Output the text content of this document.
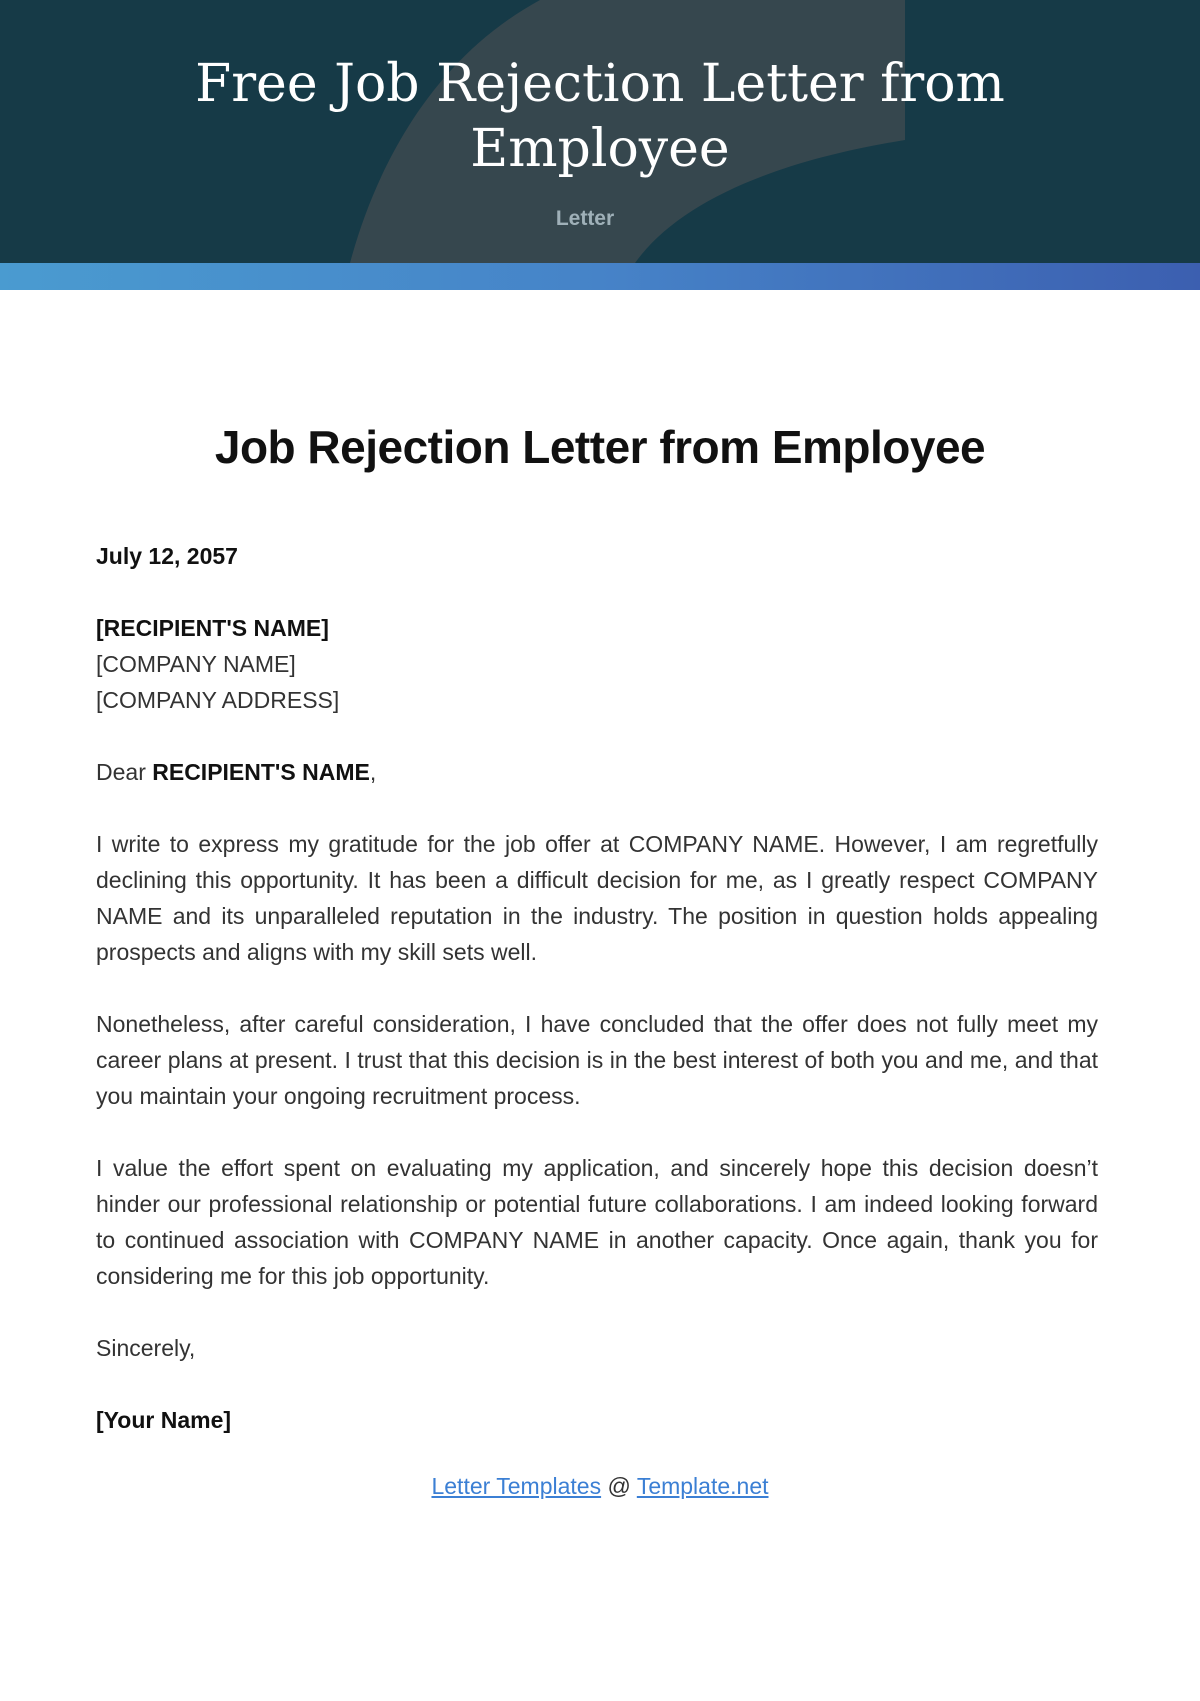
Free Job Rejection Letter from
Employee
Letter
Job Rejection Letter from Employee

July 12, 2057

[RECIPIENT'S NAME]
[COMPANY NAME]
[COMPANY ADDRESS]

Dear RECIPIENT'S NAME,

I write to express my gratitude for the job offer at COMPANY NAME. However, I am regretfully declining this opportunity. It has been a difficult decision for me, as I greatly respect COMPANY NAME and its unparalleled reputation in the industry. The position in question holds appealing prospects and aligns with my skill sets well.

Nonetheless, after careful consideration, I have concluded that the offer does not fully meet my career plans at present. I trust that this decision is in the best interest of both you and me, and that you maintain your ongoing recruitment process.

I value the effort spent on evaluating my application, and sincerely hope this decision doesn’t hinder our professional relationship or potential future collaborations. I am indeed looking forward to continued association with COMPANY NAME in another capacity. Once again, thank you for considering me for this job opportunity.

Sincerely,

[Your Name]

Letter Templates @ Template.net
